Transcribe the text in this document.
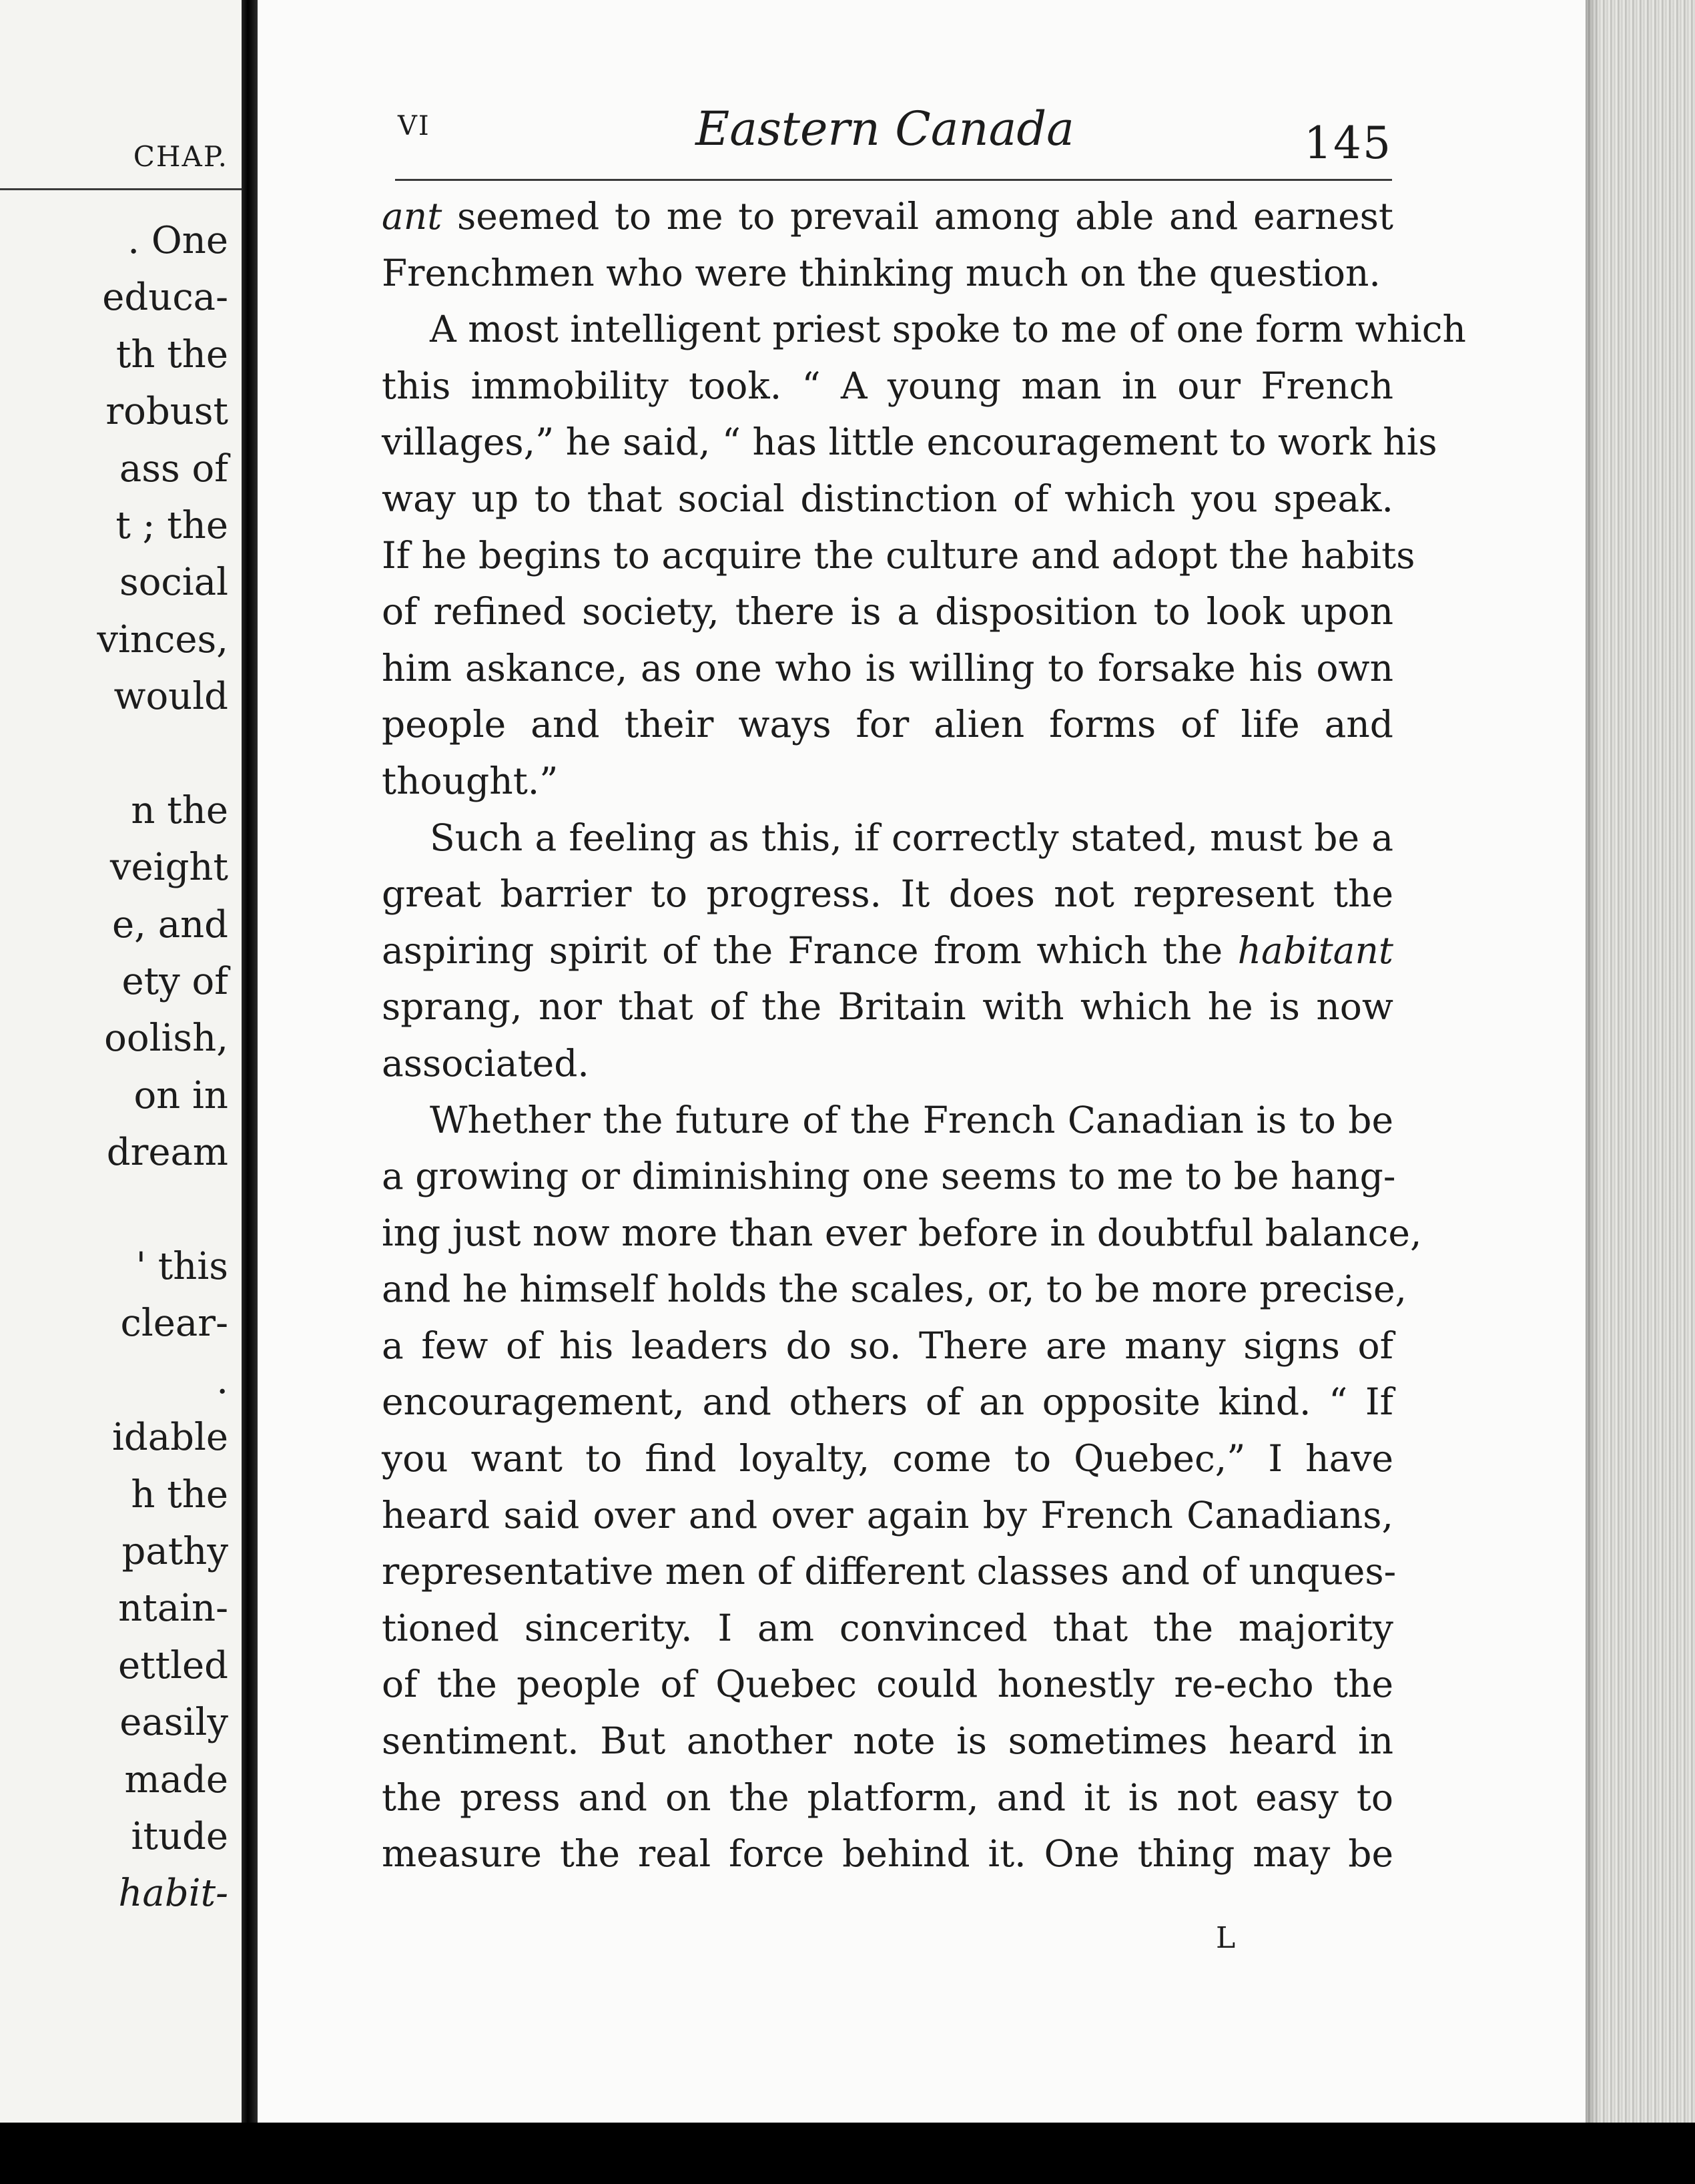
CHAP.
. One
educa-
th the
robust
ass of
t ; the
social
vinces,
would
n the
veight
e, and
ety of
oolish,
on in
dream
' this
clear-
.
idable
h the
pathy
ntain-
ettled
easily
made
itude
habit-
VI	Eastern Canada	145
ant seemed to me to prevail among able and earnest
Frenchmen who were thinking much on the question.
A most intelligent priest spoke to me of one form which
this immobility took. “ A young man in our French
villages,” he said, “ has little encouragement to work his
way up to that social distinction of which you speak.
If he begins to acquire the culture and adopt the habits
of refined society, there is a disposition to look upon
him askance, as one who is willing to forsake his own
people and their ways for alien forms of life and
thought.”
Such a feeling as this, if correctly stated, must be a
great barrier to progress. It does not represent the
aspiring spirit of the France from which the habitant
sprang, nor that of the Britain with which he is now
associated.
Whether the future of the French Canadian is to be
a growing or diminishing one seems to me to be hang-
ing just now more than ever before in doubtful balance,
and he himself holds the scales, or, to be more precise,
a few of his leaders do so. There are many signs of
encouragement, and others of an opposite kind. “ If
you want to find loyalty, come to Quebec,” I have
heard said over and over again by French Canadians,
representative men of different classes and of unques-
tioned sincerity. I am convinced that the majority
of the people of Quebec could honestly re-echo the
sentiment. But another note is sometimes heard in
the press and on the platform, and it is not easy to
measure the real force behind it. One thing may be
L
